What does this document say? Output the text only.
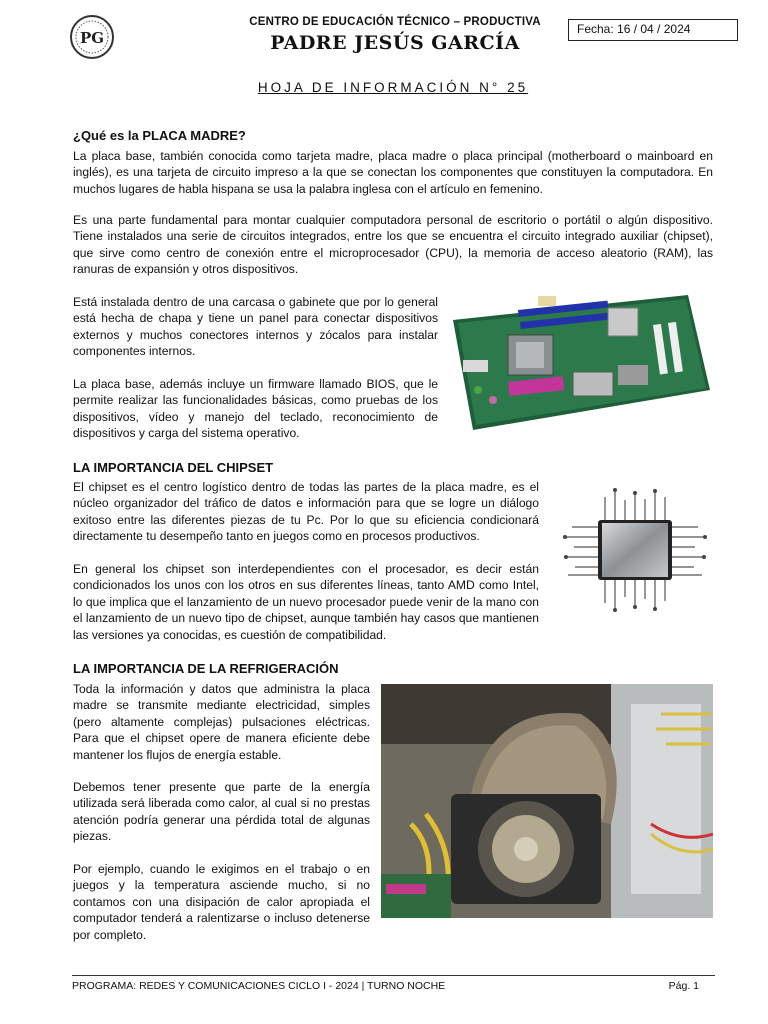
PG
CENTRO DE EDUCACIÓN TÉCNICO – PRODUCTIVA
PADRE JESÚS GARCÍA
Fecha: 16 / 04 / 2024
HOJA DE INFORMACIÓN N° 25
¿Qué es la PLACA MADRE?

La placa base, también conocida como tarjeta madre, placa madre o placa principal (motherboard o mainboard en inglés), es una tarjeta de circuito impreso a la que se conectan los componentes que constituyen la computadora. En muchos lugares de habla hispana se usa la palabra inglesa con el artículo en femenino.

Es una parte fundamental para montar cualquier computadora personal de escritorio o portátil o algún dispositivo. Tiene instalados una serie de circuitos integrados, entre los que se encuentra el circuito integrado auxiliar (chipset), que sirve como centro de conexión entre el microprocesador (CPU), la memoria de acceso aleatorio (RAM), las ranuras de expansión y otros dispositivos.

Está instalada dentro de una carcasa o gabinete que por lo general está hecha de chapa y tiene un panel para conectar dispositivos externos y muchos conectores internos y zócalos para instalar componentes internos.

La placa base, además incluye un firmware llamado BIOS, que le permite realizar las funcionalidades básicas, como pruebas de los dispositivos, vídeo y manejo del teclado, reconocimiento de dispositivos y carga del sistema operativo.

LA IMPORTANCIA DEL CHIPSET

El chipset es el centro logístico dentro de todas las partes de la placa madre, es el núcleo organizador del tráfico de datos e información para que se logre un diálogo exitoso entre las diferentes piezas de tu Pc. Por lo que su eficiencia condicionará directamente tu desempeño tanto en juegos como en procesos productivos.

En general los chipset son interdependientes con el procesador, es decir están condicionados los unos con los otros en sus diferentes líneas, tanto AMD como Intel, lo que implica que el lanzamiento de un nuevo procesador puede venir de la mano con el lanzamiento de un nuevo tipo de chipset, aunque también hay casos que mantienen las versiones ya conocidas, es cuestión de compatibilidad.

LA IMPORTANCIA DE LA REFRIGERACIÓN

Toda la información y datos que administra la placa madre se transmite mediante electricidad, simples (pero altamente complejas) pulsaciones eléctricas. Para que el chipset opere de manera eficiente debe mantener los flujos de energía estable.

Debemos tener presente que parte de la energía utilizada será liberada como calor, al cual si no prestas atención podría generar una pérdida total de algunas piezas.

Por ejemplo, cuando le exigimos en el trabajo o en juegos y la temperatura asciende mucho, si no contamos con una disipación de calor apropiada el computador tenderá a ralentizarse o incluso detenerse por completo.

PROGRAMA: REDES Y COMUNICACIONES CICLO I - 2024 | TURNO NOCHE	Pág. 1
